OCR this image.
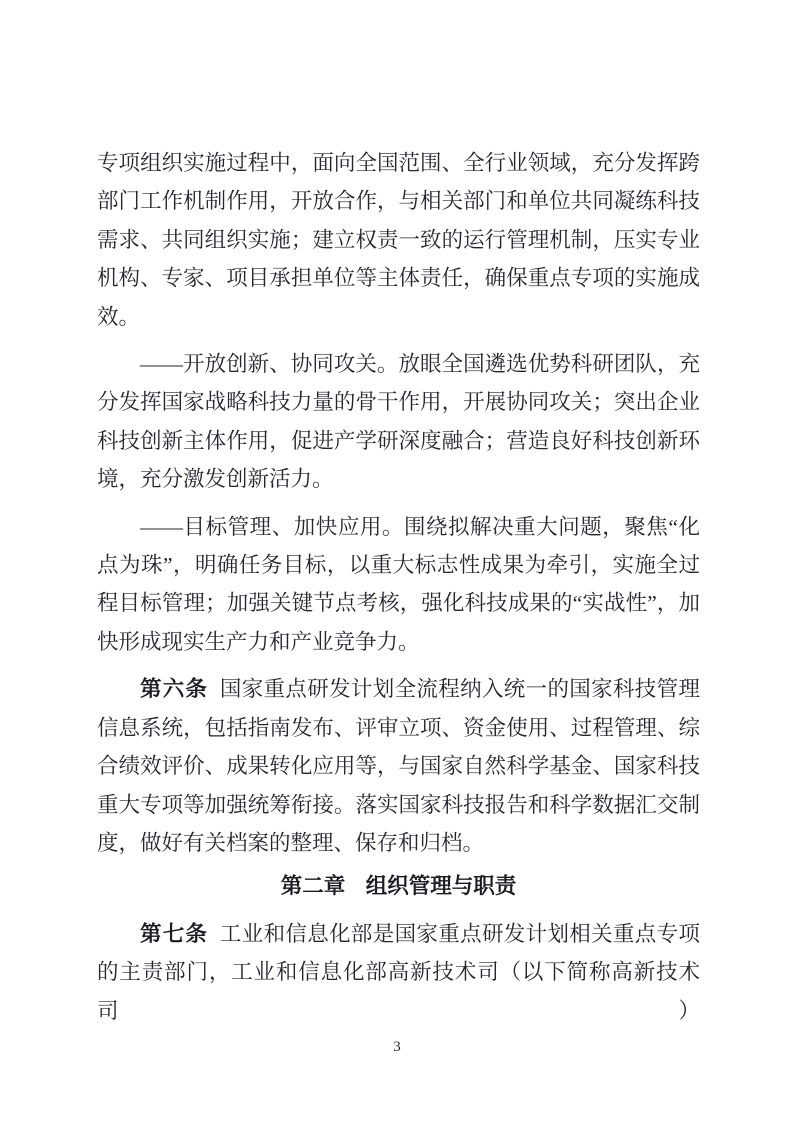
专项组织实施过程中，面向全国范围、全行业领域，充分发挥跨部门工作机制作用，开放合作，与相关部门和单位共同凝练科技需求、共同组织实施；建立权责一致的运行管理机制，压实专业机构、专家、项目承担单位等主体责任，确保重点专项的实施成效。

——开放创新、协同攻关。放眼全国遴选优势科研团队，充分发挥国家战略科技力量的骨干作用，开展协同攻关；突出企业科技创新主体作用，促进产学研深度融合；营造良好科技创新环境，充分激发创新活力。

——目标管理、加快应用。围绕拟解决重大问题，聚焦“化点为珠”，明确任务目标，以重大标志性成果为牵引，实施全过程目标管理；加强关键节点考核，强化科技成果的“实战性”，加快形成现实生产力和产业竞争力。

第六条 国家重点研发计划全流程纳入统一的国家科技管理信息系统，包括指南发布、评审立项、资金使用、过程管理、综合绩效评价、成果转化应用等，与国家自然科学基金、国家科技重大专项等加强统筹衔接。落实国家科技报告和科学数据汇交制度，做好有关档案的整理、保存和归档。

第二章 组织管理与职责

第七条 工业和信息化部是国家重点研发计划相关重点专项的主责部门，工业和信息化部高新技术司（以下简称高新技术司）

3
